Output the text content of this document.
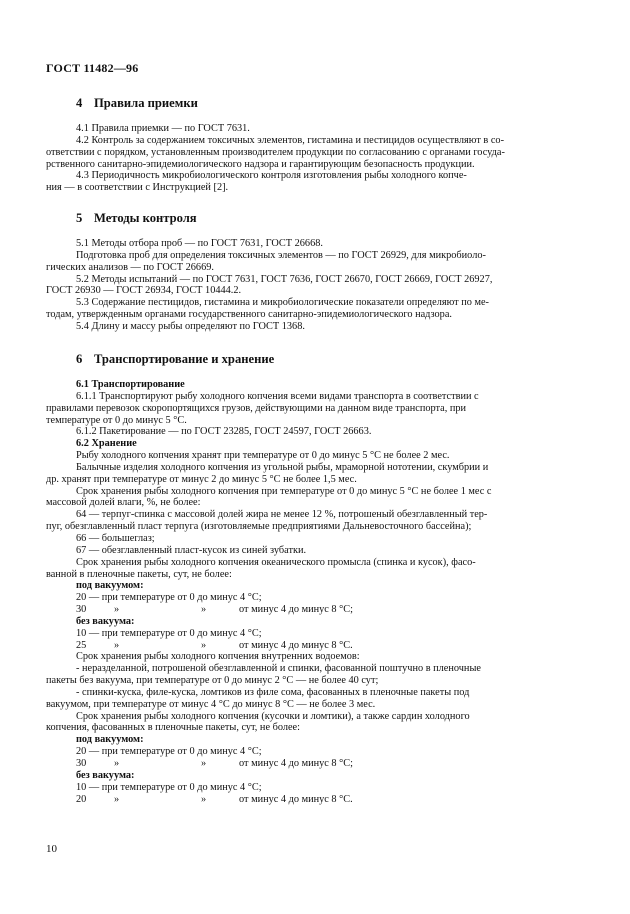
ГОСТ 11482—96
4 Правила приемки
4.1 Правила приемки — по ГОСТ 7631.
4.2 Контроль за содержанием токсичных элементов, гистамина и пестицидов осуществляют в со-
ответствии с порядком, установленным производителем продукции по согласованию с органами госуда-
рственного санитарно-эпидемиологического надзора и гарантирующим безопасность продукции.
4.3 Периодичность микробиологического контроля изготовления рыбы холодного копче-
ния — в соответствии с Инструкцией [2].
5 Методы контроля
5.1 Методы отбора проб — по ГОСТ 7631, ГОСТ 26668.
Подготовка проб для определения токсичных элементов — по ГОСТ 26929, для микробиоло-
гических анализов — по ГОСТ 26669.
5.2 Методы испытаний — по ГОСТ 7631, ГОСТ 7636, ГОСТ 26670, ГОСТ 26669, ГОСТ 26927,
ГОСТ 26930 — ГОСТ 26934, ГОСТ 10444.2.
5.3 Содержание пестицидов, гистамина и микробиологические показатели определяют по ме-
тодам, утвержденным органами государственного санитарно-эпидемиологического надзора.
5.4 Длину и массу рыбы определяют по ГОСТ 1368.
6 Транспортирование и хранение
6.1 Транспортирование
6.1.1 Транспортируют рыбу холодного копчения всеми видами транспорта в соответствии с
правилами перевозок скоропортящихся грузов, действующими на данном виде транспорта, при
температуре от 0 до минус 5 °С.
6.1.2 Пакетирование — по ГОСТ 23285, ГОСТ 24597, ГОСТ 26663.
6.2 Хранение
Рыбу холодного копчения хранят при температуре от 0 до минус 5 °С не более 2 мес.
Балычные изделия холодного копчения из угольной рыбы, мраморной нототении, скумбрии и
др. хранят при температуре от минус 2 до минус 5 °С не более 1,5 мес.
Срок хранения рыбы холодного копчения при температуре от 0 до минус 5 °С не более 1 мес с
массовой долей влаги, %, не более:
64 — терпуг-спинка с массовой долей жира не менее 12 %, потрошеный обезглавленный тер-
пуг, обезглавленный пласт терпуга (изготовляемые предприятиями Дальневосточного бассейна);
66 — большеглаз;
67 — обезглавленный пласт-кусок из синей зубатки.
Срок хранения рыбы холодного копчения океанического промысла (спинка и кусок), фасо-
ванной в пленочные пакеты, сут, не более:
под вакуумом:
20 — при температуре от 0 до минус 4 °С;
30	»	»	от минус 4 до минус 8 °С;
без вакуума:
10 — при температуре от 0 до минус 4 °С;
25	»	»	от минус 4 до минус 8 °С.
Срок хранения рыбы холодного копчения внутренних водоемов:
- неразделанной, потрошеной обезглавленной и спинки, фасованной поштучно в пленочные
пакеты без вакуума, при температуре от 0 до минус 2 °С — не более 40 сут;
- спинки-куска, филе-куска, ломтиков из филе сома, фасованных в пленочные пакеты под
вакуумом, при температуре от минус 4 °С до минус 8 °С — не более 3 мес.
Срок хранения рыбы холодного копчения (кусочки и ломтики), а также сардин холодного
копчения, фасованных в пленочные пакеты, сут, не более:
под вакуумом:
20 — при температуре от 0 до минус 4 °С;
30	»	»	от минус 4 до минус 8 °С;
без вакуума:
10 — при температуре от 0 до минус 4 °С;
20	»	»	от минус 4 до минус 8 °С.
10
